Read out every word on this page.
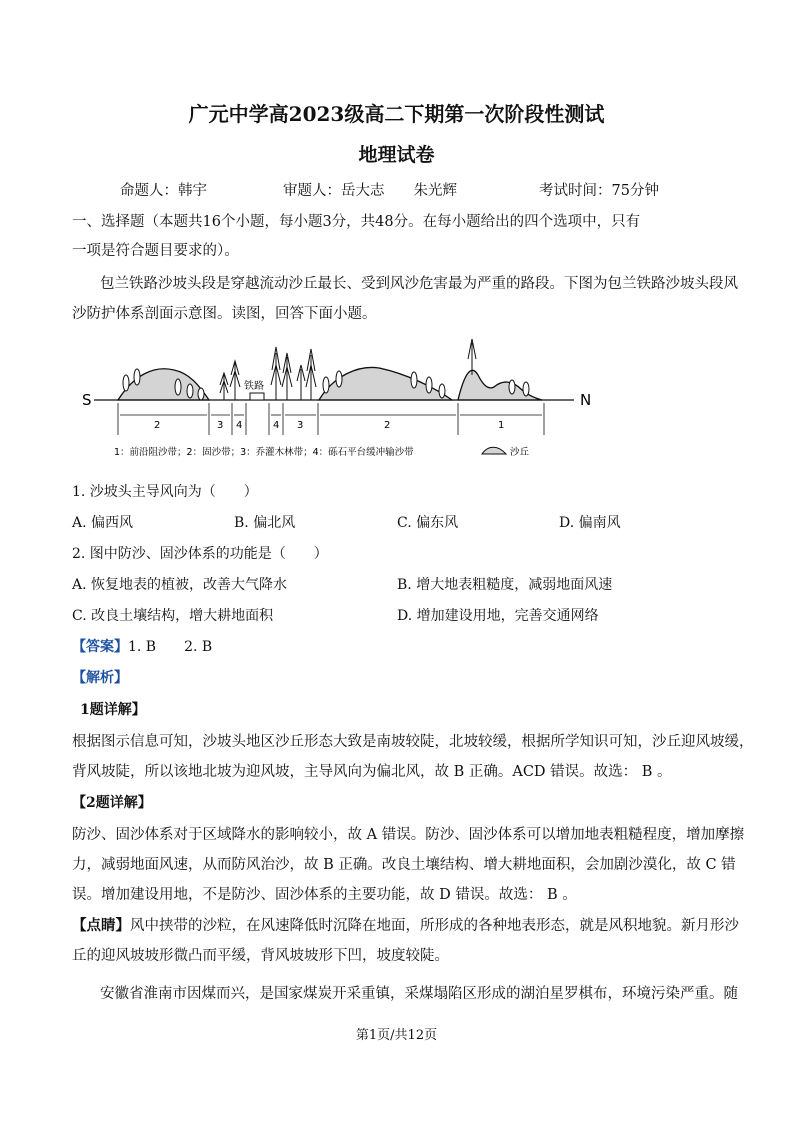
广元中学高2023级高二下期第一次阶段性测试
地理试卷
命题人：韩宇	审题人：岳大志　　朱光辉	考试时间：75分钟
一、选择题（本题共16个小题，每小题3分，共48分。在每小题给出的四个选项中，只有
一项是符合题目要求的）。
包兰铁路沙坡头段是穿越流动沙丘最长、受到风沙危害最为严重的路段。下图为包兰铁路沙坡头段风
沙防护体系剖面示意图。读图，回答下面小题。
S	N
铁路
2	3 4	4 3	2	1
1：前沿阻沙带；2：固沙带；3：乔灌木林带；4：砾石平台缓冲输沙带	沙丘
1. 沙坡头主导风向为（　　）
A. 偏西风	B. 偏北风	C. 偏东风	D. 偏南风
2. 图中防沙、固沙体系的功能是（　　）
A. 恢复地表的植被，改善大气降水	B. 增大地表粗糙度，减弱地面风速
C. 改良土壤结构，增大耕地面积	D. 增加建设用地，完善交通网络
【答案】1. B　　2. B
【解析】
1题详解】
根据图示信息可知，沙坡头地区沙丘形态大致是南坡较陡，北坡较缓，根据所学知识可知，沙丘迎风坡缓，
背风坡陡，所以该地北坡为迎风坡，主导风向为偏北风，故 B 正确。ACD 错误。故选： B 。
【2题详解】
防沙、固沙体系对于区域降水的影响较小，故 A 错误。防沙、固沙体系可以增加地表粗糙程度，增加摩擦
力，减弱地面风速，从而防风治沙，故 B 正确。改良土壤结构、增大耕地面积，会加剧沙漠化，故 C 错
误。增加建设用地，不是防沙、固沙体系的主要功能，故 D 错误。故选： B 。
【点睛】风中挟带的沙粒，在风速降低时沉降在地面，所形成的各种地表形态，就是风积地貌。新月形沙
丘的迎风坡坡形微凸而平缓，背风坡坡形下凹，坡度较陡。
安徽省淮南市因煤而兴，是国家煤炭开采重镇，采煤塌陷区形成的湖泊星罗棋布，环境污染严重。随
第1页/共12页
